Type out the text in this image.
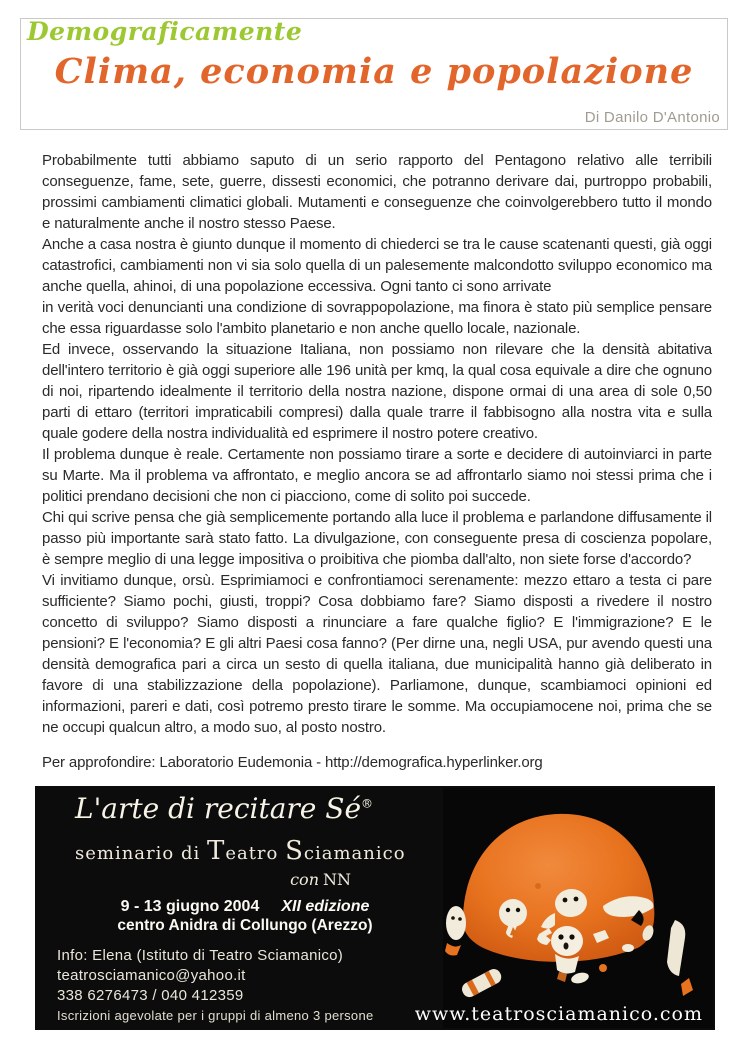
Demograficamente
Clima, economia e popolazione
Di Danilo D'Antonio

Probabilmente tutti abbiamo saputo di un serio rapporto del Pentagono relativo alle terribili conseguenze, fame, sete, guerre, dissesti economici, che potranno derivare dai, purtroppo probabili, prossimi cambiamenti climatici globali. Mutamenti e conseguenze che coinvolgerebbero tutto il mondo e naturalmente anche il nostro stesso Paese.

Anche a casa nostra è giunto dunque il momento di chiederci se tra le cause scatenanti questi, già oggi catastrofici, cambiamenti non vi sia solo quella di un palesemente malcondotto sviluppo economico ma anche quella, ahinoi, di una popolazione eccessiva. Ogni tanto ci sono arrivate

in verità voci denuncianti una condizione di sovrappopolazione, ma finora è stato più semplice pensare che essa riguardasse solo l'ambito planetario e non anche quello locale, nazionale.

Ed invece, osservando la situazione Italiana, non possiamo non rilevare che la densità abitativa dell'intero territorio è già oggi superiore alle 196 unità per kmq, la qual cosa equivale a dire che ognuno di noi, ripartendo idealmente il territorio della nostra nazione, dispone ormai di una area di sole 0,50 parti di ettaro (territori impraticabili compresi) dalla quale trarre il fabbisogno alla nostra vita e sulla quale godere della nostra individualità ed esprimere il nostro potere creativo.

Il problema dunque è reale. Certamente non possiamo tirare a sorte e decidere di autoinviarci in parte su Marte. Ma il problema va affrontato, e meglio ancora se ad affrontarlo siamo noi stessi prima che i politici prendano decisioni che non ci piacciono, come di solito poi succede.

Chi qui scrive pensa che già semplicemente portando alla luce il problema e parlandone diffusamente il passo più importante sarà stato fatto. La divulgazione, con conseguente presa di coscienza popolare, è sempre meglio di una legge impositiva o proibitiva che piomba dall'alto, non siete forse d'accordo?

Vi invitiamo dunque, orsù. Esprimiamoci e confrontiamoci serenamente: mezzo ettaro a testa ci pare sufficiente? Siamo pochi, giusti, troppi? Cosa dobbiamo fare? Siamo disposti a rivedere il nostro concetto di sviluppo? Siamo disposti a rinunciare a fare qualche figlio? E l'immigrazione? E le pensioni? E l'economia? E gli altri Paesi cosa fanno? (Per dirne una, negli USA, pur avendo questi una densità demografica pari a circa un sesto di quella italiana, due municipalità hanno già deliberato in favore di una stabilizzazione della popolazione). Parliamone, dunque, scambiamoci opinioni ed informazioni, pareri e dati, così potremo presto tirare le somme. Ma occupiamocene noi, prima che se ne occupi qualcun altro, a modo suo, al posto nostro.

Per approfondire: Laboratorio Eudemonia - http://demografica.hyperlinker.org

L'arte di recitare Sé®
seminario di Teatro Sciamanico
con NN
9 - 13 giugno 2004 XII edizione
centro Anidra di Collungo (Arezzo)
Info: Elena (Istituto di Teatro Sciamanico)
teatrosciamanico@yahoo.it
338 6276473 / 040 412359
Iscrizioni agevolate per i gruppi di almeno 3 persone www.teatrosciamanico.com
